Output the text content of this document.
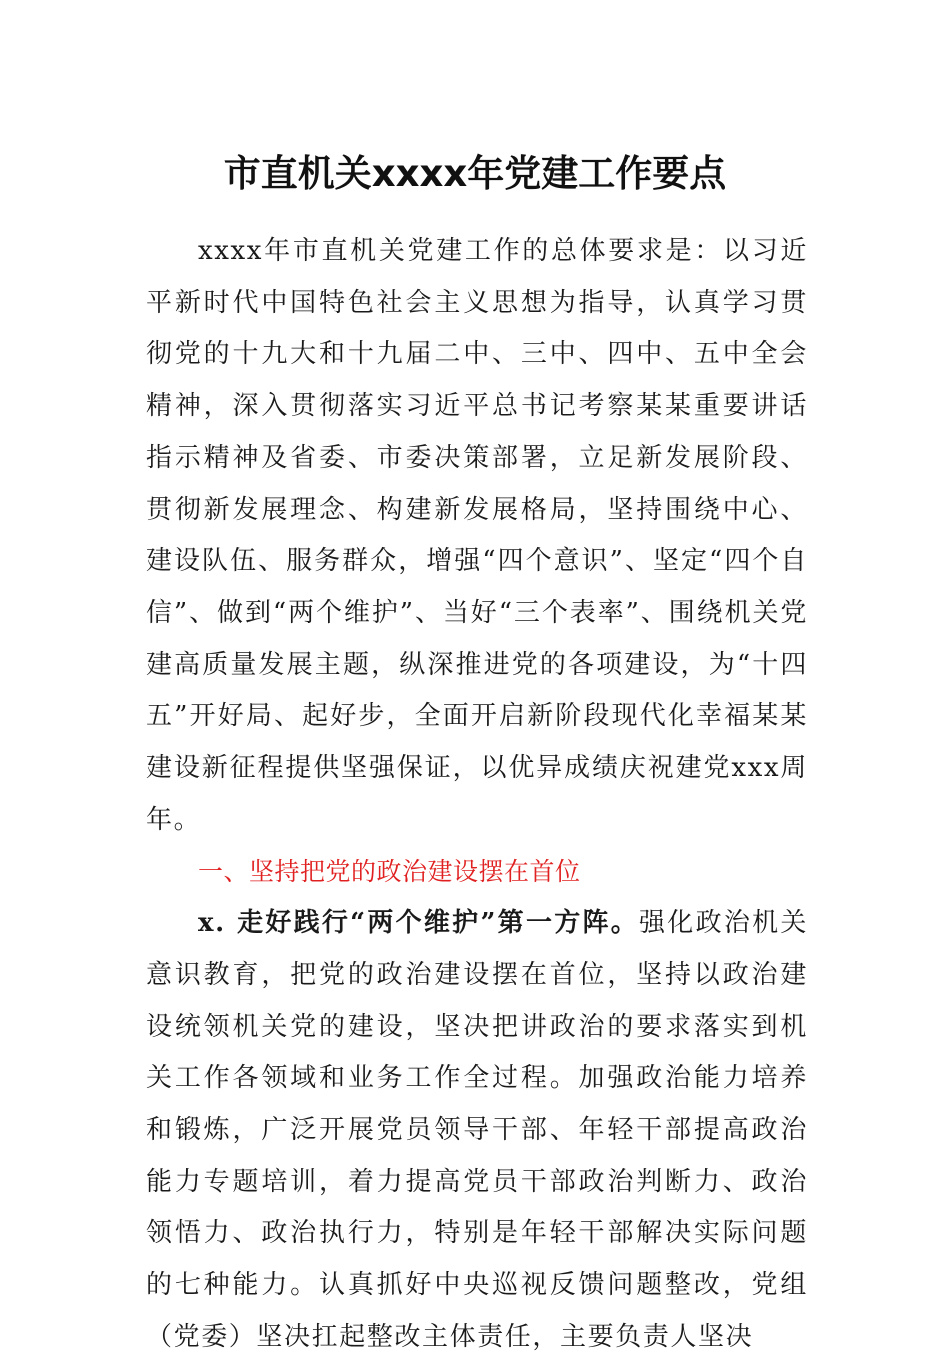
市直机关xxxx年党建工作要点

xxxx年市直机关党建工作的总体要求是：以习近平新时代中国特色社会主义思想为指导，认真学习贯彻党的十九大和十九届二中、三中、四中、五中全会精神，深入贯彻落实习近平总书记考察某某重要讲话指示精神及省委、市委决策部署，立足新发展阶段、贯彻新发展理念、构建新发展格局，坚持围绕中心、建设队伍、服务群众，增强“四个意识”、坚定“四个自信”、做到“两个维护”、当好“三个表率”、围绕机关党建高质量发展主题，纵深推进党的各项建设，为“十四五”开好局、起好步，全面开启新阶段现代化幸福某某建设新征程提供坚强保证，以优异成绩庆祝建党xxx周年。

一、坚持把党的政治建设摆在首位

x. 走好践行“两个维护”第一方阵。强化政治机关意识教育，把党的政治建设摆在首位，坚持以政治建设统领机关党的建设，坚决把讲政治的要求落实到机关工作各领域和业务工作全过程。加强政治能力培养和锻炼，广泛开展党员领导干部、年轻干部提高政治能力专题培训，着力提高党员干部政治判断力、政治领悟力、政治执行力，特别是年轻干部解决实际问题的七种能力。认真抓好中央巡视反馈问题整改，党组（党委）坚决扛起整改主体责任，主要负责人坚决
